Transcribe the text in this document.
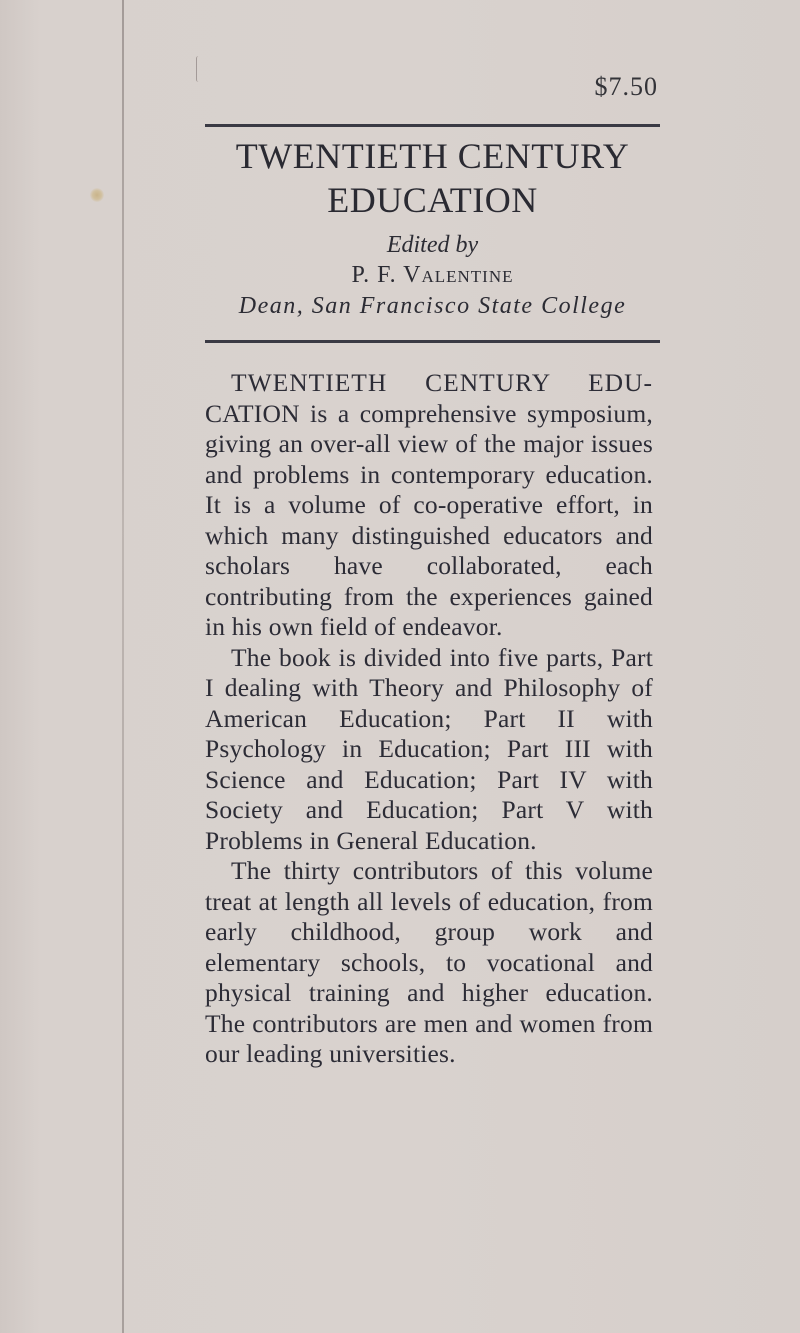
$7.50
TWENTIETH CENTURY
EDUCATION
Edited by
P. F. Valentine
Dean, San Francisco State College

TWENTIETH CENTURY EDU- CATION is a comprehensive symposium, giving an over-all view of the major issues and problems in contemporary education. It is a volume of co-operative effort, in which many distinguished educators and scholars have collaborated, each contributing from the experiences gained in his own field of endeavor.

The book is divided into five parts, Part I dealing with Theory and Philosophy of American Education; Part II with Psychology in Education; Part III with Science and Education; Part IV with Society and Education; Part V with Problems in General Education.

The thirty contributors of this volume treat at length all levels of education, from early childhood, group work and elementary schools, to vocational and physical training and higher education. The contributors are men and women from our leading universities.
